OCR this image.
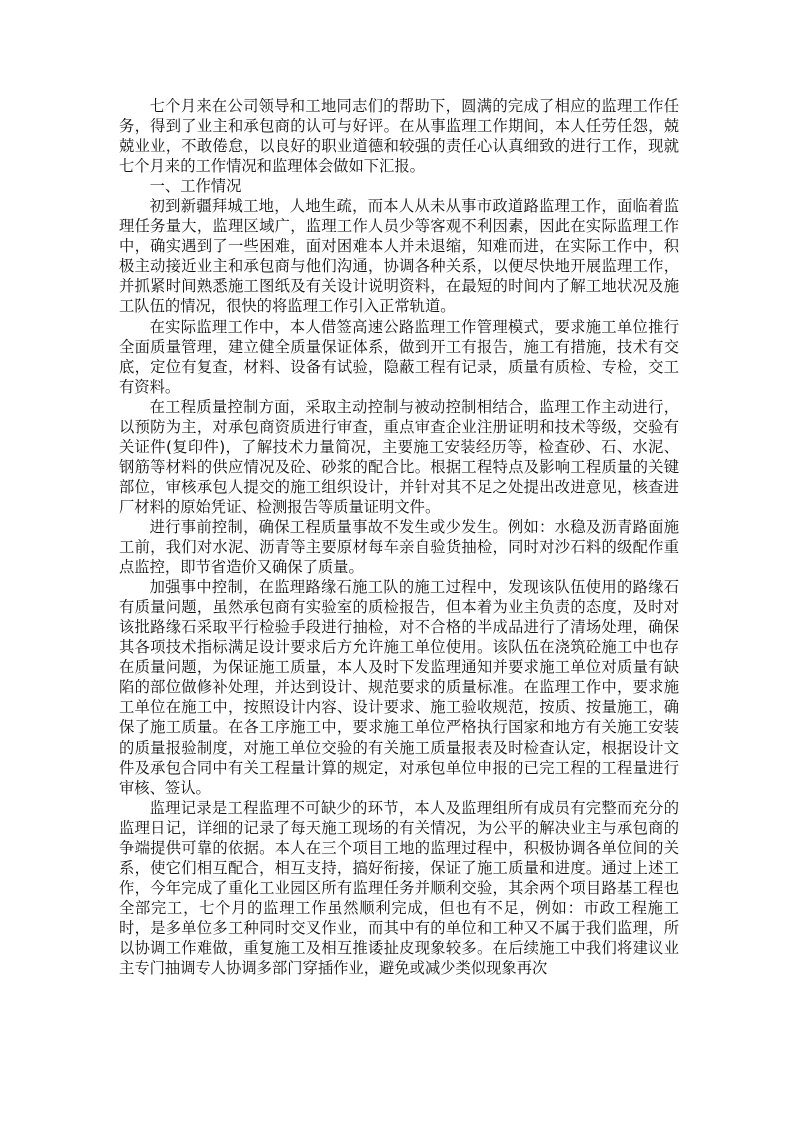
七个月来在公司领导和工地同志们的帮助下，圆满的完成了相应的监理工作任务，得到了业主和承包商的认可与好评。在从事监理工作期间，本人任劳任怨，兢兢业业，不敢倦怠，以良好的职业道德和较强的责任心认真细致的进行工作，现就七个月来的工作情况和监理体会做如下汇报。

一、工作情况

初到新疆拜城工地，人地生疏，而本人从未从事市政道路监理工作，面临着监理任务量大，监理区域广，监理工作人员少等客观不利因素，因此在实际监理工作中，确实遇到了一些困难，面对困难本人并未退缩，知难而进，在实际工作中，积极主动接近业主和承包商与他们沟通，协调各种关系，以便尽快地开展监理工作，并抓紧时间熟悉施工图纸及有关设计说明资料，在最短的时间内了解工地状况及施工队伍的情况，很快的将监理工作引入正常轨道。

在实际监理工作中，本人借签高速公路监理工作管理模式，要求施工单位推行全面质量管理，建立健全质量保证体系，做到开工有报告，施工有措施，技术有交底，定位有复查，材料、设备有试验，隐蔽工程有记录，质量有质检、专检，交工有资料。

在工程质量控制方面，采取主动控制与被动控制相结合，监理工作主动进行，以预防为主，对承包商资质进行审查，重点审查企业注册证明和技术等级，交验有关证件(复印件)，了解技术力量简况，主要施工安装经历等，检查砂、石、水泥、钢筋等材料的供应情况及砼、砂浆的配合比。根据工程特点及影响工程质量的关键部位，审核承包人提交的施工组织设计，并针对其不足之处提出改进意见，核查进厂材料的原始凭证、检测报告等质量证明文件。

进行事前控制，确保工程质量事故不发生或少发生。例如：水稳及沥青路面施工前，我们对水泥、沥青等主要原材每车亲自验货抽检，同时对沙石料的级配作重点监控，即节省造价又确保了质量。

加强事中控制，在监理路缘石施工队的施工过程中，发现该队伍使用的路缘石有质量问题，虽然承包商有实验室的质检报告，但本着为业主负责的态度，及时对该批路缘石采取平行检验手段进行抽检，对不合格的半成品进行了清场处理，确保其各项技术指标满足设计要求后方允许施工单位使用。该队伍在浇筑砼施工中也存在质量问题，为保证施工质量，本人及时下发监理通知并要求施工单位对质量有缺陷的部位做修补处理，并达到设计、规范要求的质量标准。在监理工作中，要求施工单位在施工中，按照设计内容、设计要求、施工验收规范，按质、按量施工，确保了施工质量。在各工序施工中，要求施工单位严格执行国家和地方有关施工安装的质量报验制度，对施工单位交验的有关施工质量报表及时检查认定，根据设计文件及承包合同中有关工程量计算的规定，对承包单位申报的已完工程的工程量进行审核、签认。

监理记录是工程监理不可缺少的环节，本人及监理组所有成员有完整而充分的监理日记，详细的记录了每天施工现场的有关情况，为公平的解决业主与承包商的争端提供可靠的依据。本人在三个项目工地的监理过程中，积极协调各单位间的关系，使它们相互配合，相互支持，搞好衔接，保证了施工质量和进度。通过上述工作，今年完成了重化工业园区所有监理任务并顺利交验，其余两个项目路基工程也全部完工，七个月的监理工作虽然顺利完成，但也有不足，例如：市政工程施工时，是多单位多工种同时交叉作业，而其中有的单位和工种又不属于我们监理，所以协调工作难做，重复施工及相互推诿扯皮现象较多。在后续施工中我们将建议业主专门抽调专人协调多部门穿插作业，避免或减少类似现象再次
